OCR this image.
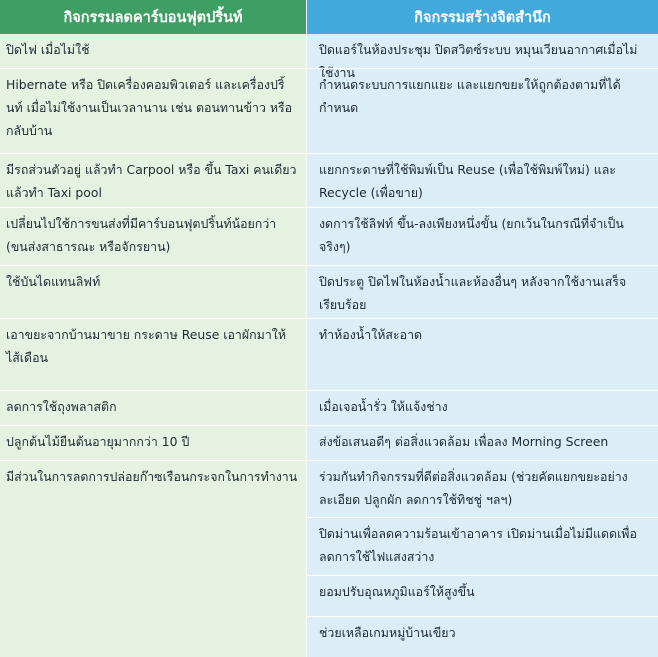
กิจกรรมลดคาร์บอนฟุตปริ้นท์	กิจกรรมสร้างจิตสำนึก
ปิดไฟ เมื่อไม่ใช้
Hibernate หรือ ปิดเครื่องคอมพิวเตอร์ และเครื่องปริ้นท์ เมื่อไม่ใช้งานเป็นเวลานาน เช่น ตอนทานข้าว หรือกลับบ้าน
มีรถส่วนตัวอยู่ แล้วทำ Carpool หรือ ขึ้น Taxi คนเดียว แล้วทำ Taxi pool
เปลี่ยนไปใช้การขนส่งที่มีคาร์บอนฟุตปริ้นท์น้อยกว่า (ขนส่งสาธารณะ หรือจักรยาน)
ใช้บันไดแทนลิฟท์
เอาขยะจากบ้านมาขาย กระดาษ Reuse เอาผักมาให้ไส้เดือน
ลดการใช้ถุงพลาสติก
ปลูกต้นไม้ยืนต้นอายุมากกว่า 10 ปี
มีส่วนในการลดการปล่อยก๊าซเรือนกระจกในการทำงาน
ปิดแอร์ในห้องประชุม ปิดสวิตซ์ระบบ หมุนเวียนอากาศเมื่อไม่ใช้งาน
กำหนดระบบการแยกแยะ และแยกขยะให้ถูกต้องตามที่ได้กำหนด
แยกกระดาษที่ใช้พิมพ์เป็น Reuse (เพื่อใช้พิมพ์ใหม่) และ Recycle (เพื่อขาย)
งดการใช้ลิฟท์ ขึ้น-ลงเพียงหนึ่งขั้น (ยกเว้นในกรณีที่จำเป็นจริงๆ)
ปิดประตู ปิดไฟในห้องน้ำและห้องอื่นๆ หลังจากใช้งานเสร็จเรียบร้อย
ทำห้องน้ำให้สะอาด
เมื่อเจอน้ำรั่ว ให้แจ้งช่าง
ส่งข้อเสนอดีๆ ต่อสิ่งแวดล้อม เพื่อลง Morning Screen
ร่วมกันทำกิจกรรมที่ดีต่อสิ่งแวดล้อม (ช่วยคัดแยกขยะอย่างละเอียด ปลูกผัก ลดการใช้ทิชชู่ ฯลฯ)
ปิดม่านเพื่อลดความร้อนเข้าอาคาร เปิดม่านเมื่อไม่มีแดดเพื่อลดการใช้ไฟแสงสว่าง
ยอมปรับอุณหภูมิแอร์ให้สูงขึ้น
ช่วยเหลือเกมหมู่บ้านเขียว
